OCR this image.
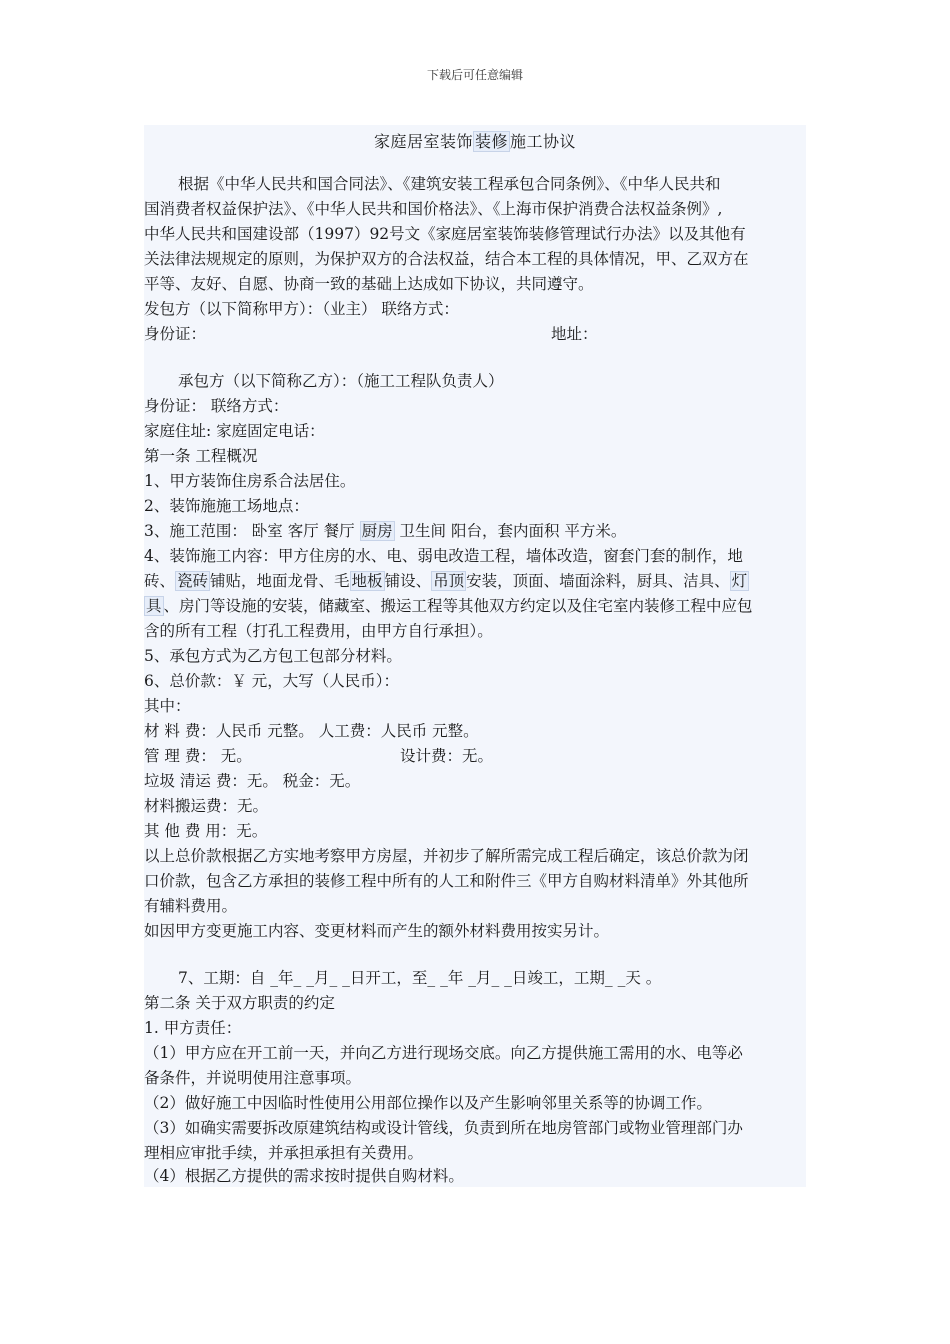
下载后可任意编辑
家庭居室装饰 装修 施工协议
根据《中华人民共和国合同法》、《建筑安装工程承包合同条例》、《中华人民共和
国消费者权益保护法》、《中华人民共和国价格法》、《上海市保护消费合法权益条例》,
中华人民共和国建设部（1997）92号文《家庭居室装饰装修管理试行办法》以及其他有
关法律法规规定的原则，为保护双方的合法权益，结合本工程的具体情况，甲、乙双方在
平等、友好、自愿、协商一致的基础上达成如下协议，共同遵守。
发包方（以下简称甲方）：（业主） 联络方式：
身份证：	地址：
承包方（以下简称乙方）：（施工工程队负责人）
身份证： 联络方式：
家庭住址: 家庭固定电话：
第一条 工程概况
1、甲方装饰住房系合法居住。
2、装饰施施工场地点：
3、施工范围： 卧室 客厅 餐厅 厨房 卫生间 阳台，套内面积 平方米。
4、装饰施工内容：甲方住房的水、电、弱电改造工程，墙体改造，窗套门套的制作，地
砖、 瓷砖 铺贴，地面龙骨、毛 地板 铺设、 吊顶 安装，顶面、墙面涂料，厨具、洁具、 灯
具 、房门等设施的安装，储藏室、搬运工程等其他双方约定以及住宅室内装修工程中应包
含的所有工程（打孔工程费用，由甲方自行承担）。
5、承包方式为乙方包工包部分材料。
6、总价款：￥ 元，大写（人民币）：
其中：
材 料 费：人民币 元整。 人工费：人民币 元整。
管 理 费： 无。	设计费：无。
垃圾 清运 费：无。 税金：无。
材料搬运费：无。
其 他 费 用：无。
以上总价款根据乙方实地考察甲方房屋，并初步了解所需完成工程后确定，该总价款为闭
口价款，包含乙方承担的装修工程中所有的人工和附件三《甲方自购材料清单》外其他所
有辅料费用。
如因甲方变更施工内容、变更材料而产生的额外材料费用按实另计。
7、工期：自 _年_ _月_ _日开工，至_ _年 _月_ _日竣工，工期_ _天 。
第二条 关于双方职责的约定
1. 甲方责任：
（1）甲方应在开工前一天，并向乙方进行现场交底。向乙方提供施工需用的水、电等必
备条件，并说明使用注意事项。
（2）做好施工中因临时性使用公用部位操作以及产生影响邻里关系等的协调工作。
（3）如确实需要拆改原建筑结构或设计管线，负责到所在地房管部门或物业管理部门办
理相应审批手续，并承担承担有关费用。
（4）根据乙方提供的需求按时提供自购材料。
